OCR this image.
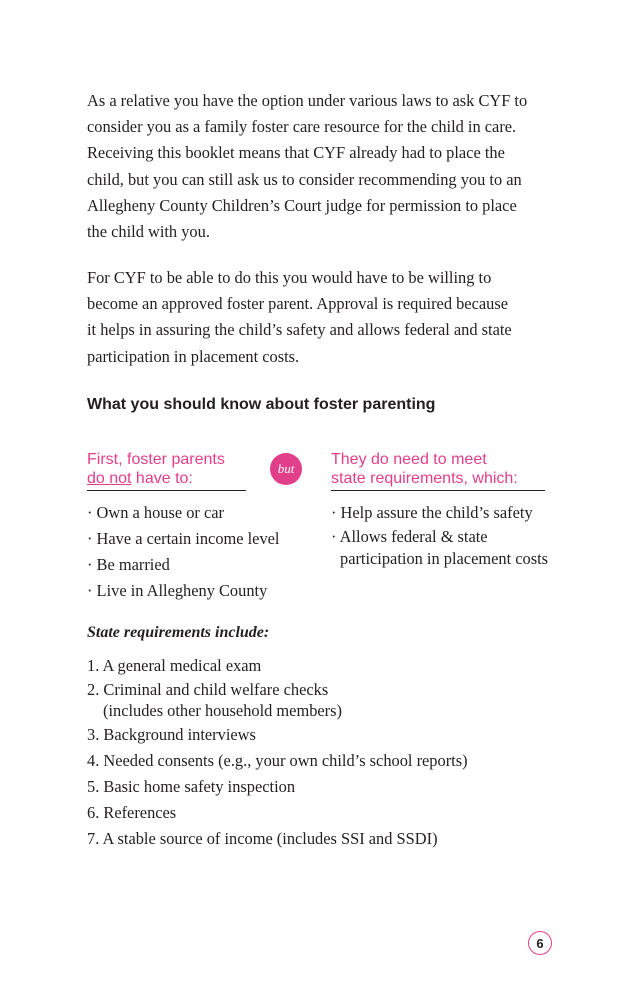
As a relative you have the option under various laws to ask CYF to
consider you as a family foster care resource for the child in care.
Receiving this booklet means that CYF already had to place the
child, but you can still ask us to consider recommending you to an
Allegheny County Children’s Court judge for permission to place
the child with you.
For CYF to be able to do this you would have to be willing to
become an approved foster parent. Approval is required because
it helps in assuring the child’s safety and allows federal and state
participation in placement costs.
What you should know about foster parenting
First, foster parents
do not have to:
but
They do need to meet
state requirements, which:
· Own a house or car
· Have a certain income level
· Be married
· Live in Allegheny County
· Help assure the child’s safety
· Allows federal & state
participation in placement costs

State requirements include:

1. A general medical exam
2. Criminal and child welfare checks
(includes other household members)
3. Background interviews
4. Needed consents (e.g., your own child’s school reports)
5. Basic home safety inspection
6. References
7. A stable source of income (includes SSI and SSDI)
6
